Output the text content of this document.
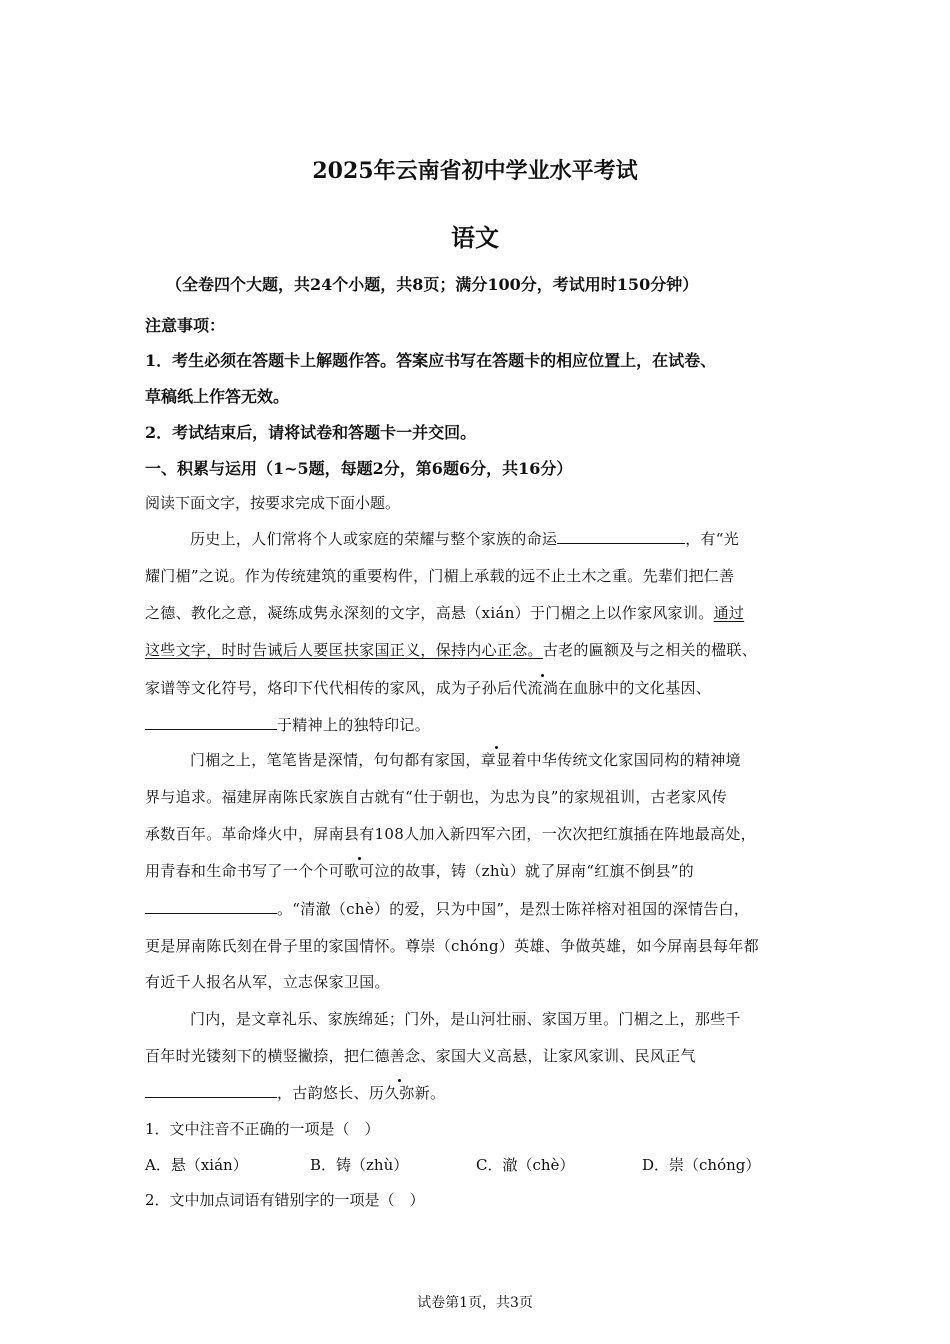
2025年云南省初中学业水平考试
语文
（全卷四个大题，共24个小题，共8页；满分100分，考试用时150分钟）
注意事项：
1．考生必须在答题卡上解题作答。答案应书写在答题卡的相应位置上，在试卷、
草稿纸上作答无效。
2．考试结束后，请将试卷和答题卡一并交回。
一、积累与运用（1~5题，每题2分，第6题6分，共16分）
阅读下面文字，按要求完成下面小题。
历史上，人们常将个人或家庭的荣耀与整个家族的命运	，有“光
耀门楣”之说。作为传统建筑的重要构件，门楣上承载的远不止土木之重。先辈们把仁善
之德、教化之意，凝练成隽永深刻的文字，高悬（xián）于门楣之上以作家风家训。通过
这些文字，时时告诫后人要匡扶家国正义，保持内心正念。古老的匾额及与之相关的楹联、
家谱等文化符号，烙印下代代相传的家风，成为子孙后代流淌在血脉中的文化基因、
于精神上的独特印记。
门楣之上，笔笔皆是深情，句句都有家国，章显着中华传统文化家国同构的精神境
界与追求。福建屏南陈氏家族自古就有“仕于朝也，为忠为良”的家规祖训，古老家风传
承数百年。革命烽火中，屏南县有108人加入新四军六团，一次次把红旗插在阵地最高处，
用青春和生命书写了一个个可歌可泣的故事，铸（zhù）就了屏南“红旗不倒县”的
。“清澈（chè）的爱，只为中国”，是烈士陈祥榕对祖国的深情告白，
更是屏南陈氏刻在骨子里的家国情怀。尊崇（chóng）英雄、争做英雄，如今屏南县每年都
有近千人报名从军，立志保家卫国。
门内，是文章礼乐、家族绵延；门外，是山河壮丽、家国万里。门楣之上，那些千
百年时光镂刻下的横竖撇捺，把仁德善念、家国大义高悬，让家风家训、民风正气
，古韵悠长、历久弥新。
1．文中注音不正确的一项是（　）
A．悬（xián）	B．铸（zhù）	C．澈（chè）	D．崇（chóng）
2．文中加点词语有错别字的一项是（　）
试卷第1页，共3页
